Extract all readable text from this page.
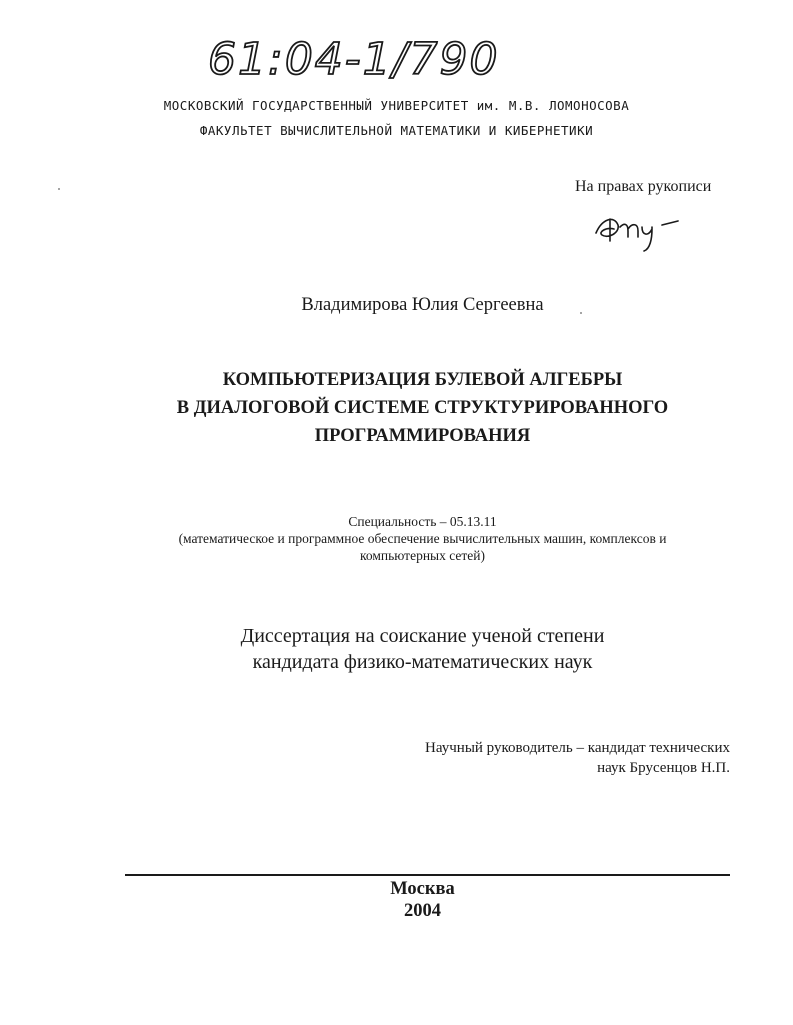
61:04-1/790
МОСКОВСКИЙ ГОСУДАРСТВЕННЫЙ УНИВЕРСИТЕТ им. М.В. ЛОМОНОСОВА
ФАКУЛЬТЕТ ВЫЧИСЛИТЕЛЬНОЙ МАТЕМАТИКИ И КИБЕРНЕТИКИ
На правах рукописи
Владимирова Юлия Сергеевна
КОМПЬЮТЕРИЗАЦИЯ БУЛЕВОЙ АЛГЕБРЫ
В ДИАЛОГОВОЙ СИСТЕМЕ СТРУКТУРИРОВАННОГО
ПРОГРАММИРОВАНИЯ
Специальность – 05.13.11
(математическое и программное обеспечение вычислительных машин, комплексов и
компьютерных сетей)
Диссертация на соискание ученой степени
кандидата физико-математических наук
Научный руководитель – кандидат технических
наук Брусенцов Н.П.
Москва
2004
